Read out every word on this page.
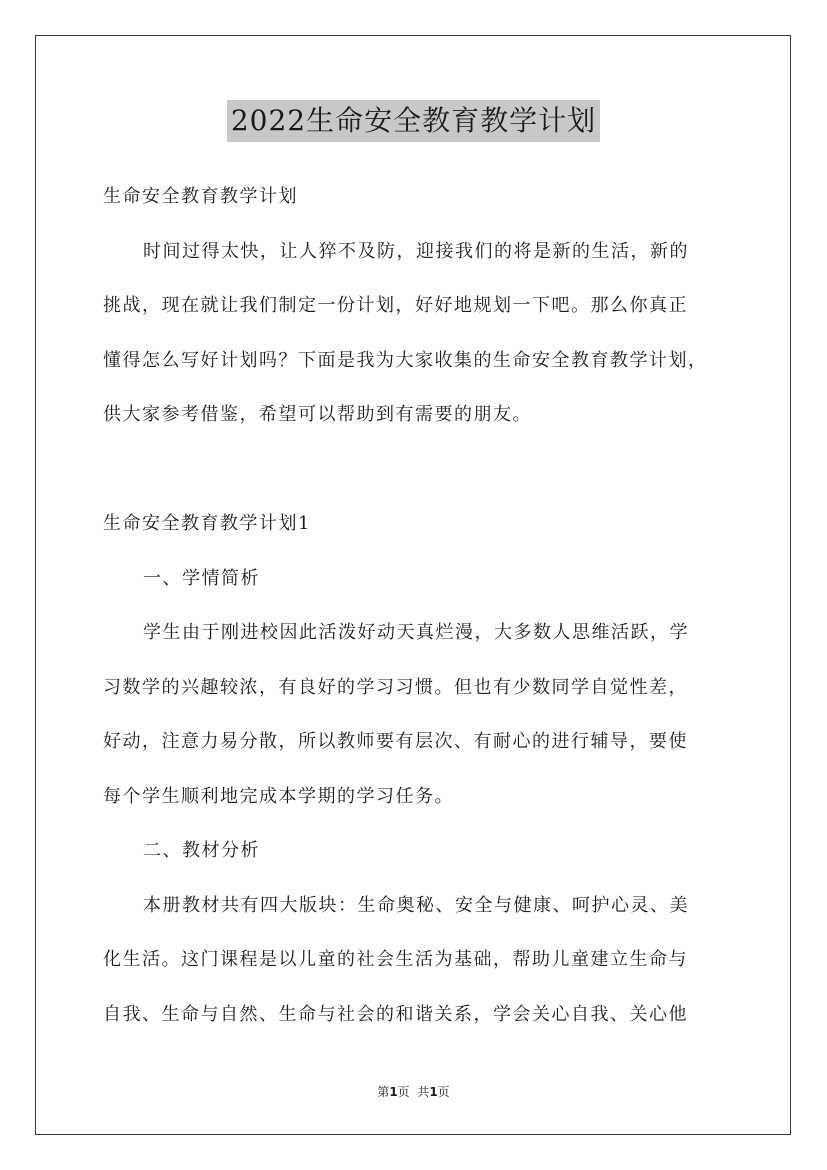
2022生命安全教育教学计划
生命安全教育教学计划
时间过得太快，让人猝不及防，迎接我们的将是新的生活，新的
挑战，现在就让我们制定一份计划，好好地规划一下吧。那么你真正
懂得怎么写好计划吗？下面是我为大家收集的生命安全教育教学计划，
供大家参考借鉴，希望可以帮助到有需要的朋友。
生命安全教育教学计划1
一、学情简析
学生由于刚进校因此活泼好动天真烂漫，大多数人思维活跃，学
习数学的兴趣较浓，有良好的学习习惯。但也有少数同学自觉性差，
好动，注意力易分散，所以教师要有层次、有耐心的进行辅导，要使
每个学生顺利地完成本学期的学习任务。
二、教材分析
本册教材共有四大版块：生命奥秘、安全与健康、呵护心灵、美
化生活。这门课程是以儿童的社会生活为基础，帮助儿童建立生命与
自我、生命与自然、生命与社会的和谐关系，学会关心自我、关心他
第1页  共1页
